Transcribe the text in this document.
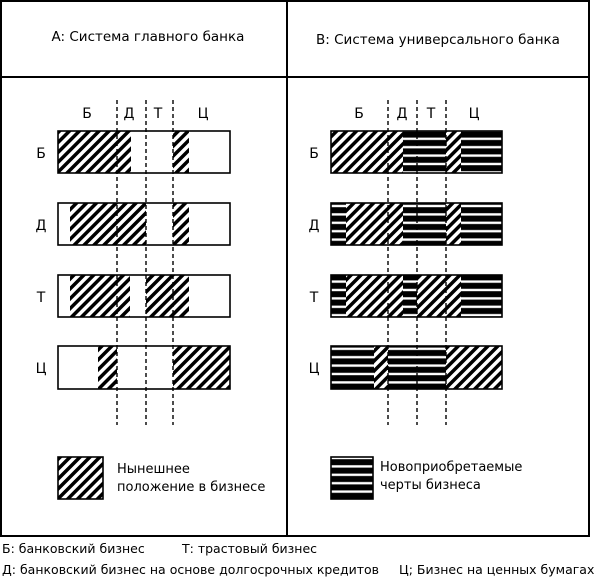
A: Система главного банка	В: Система универсального банка
Б Д Т	Ц	Б Д Т Ц
Б
Д
Т
Ц
Б
Д
Т
Ц
Нынешнее положение в бизнесе
Новоприобретаемые черты бизнеса
Б: банковский бизнес	Т: трастовый бизнес
Д: банковский бизнес на основе долгосрочных кредитов Ц; Бизнес на ценных бумагах
